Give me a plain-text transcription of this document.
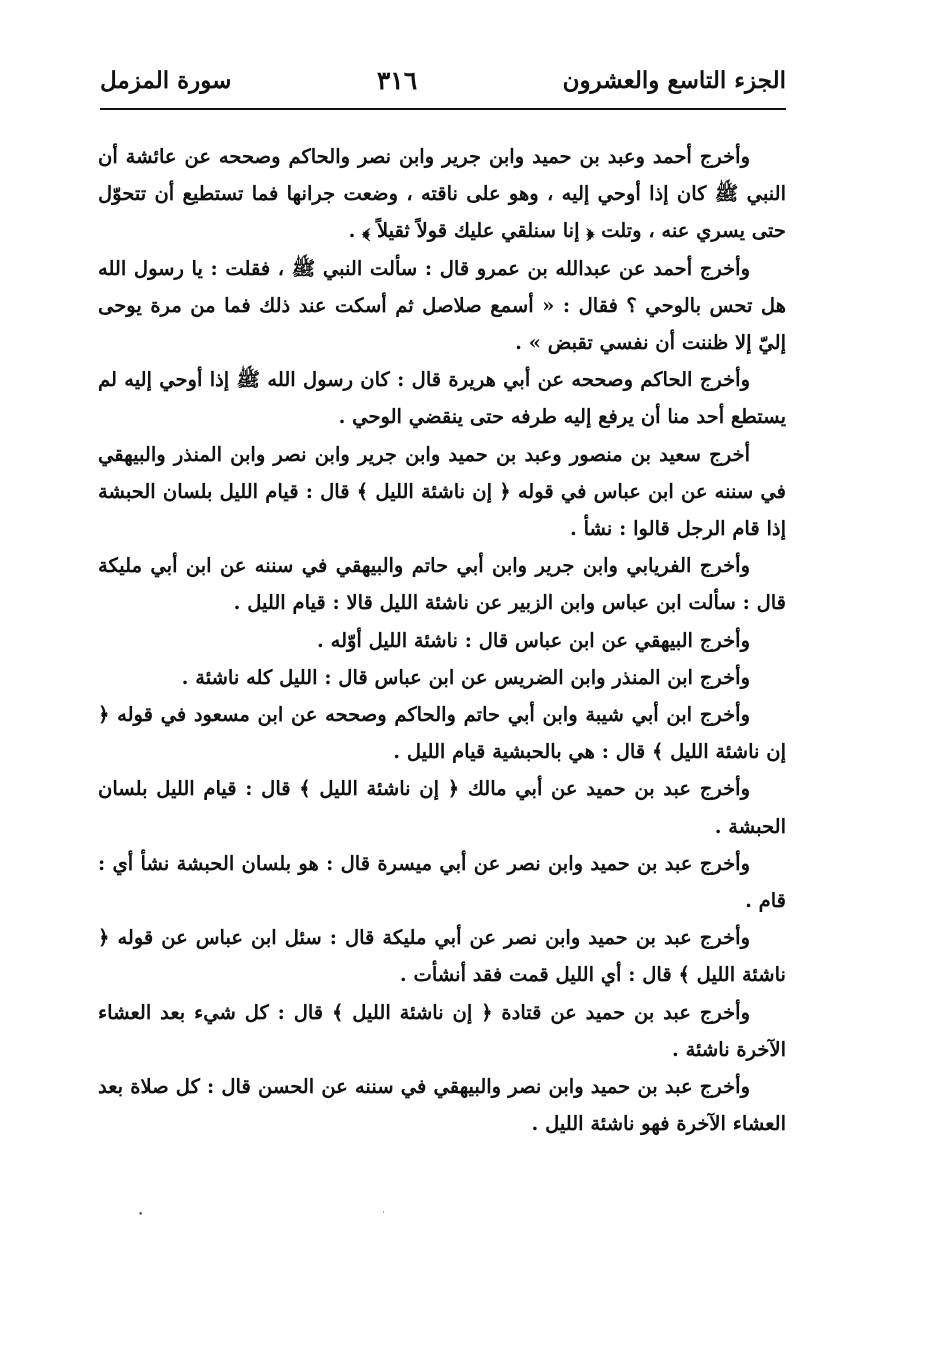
الجزء التاسع والعشرون
٣١٦
سورة المزمل

وأخرج أحمد وعبد بن حميد وابن جرير وابن نصر والحاكم وصححه عن عائشة أن النبي ﷺ كان إذا أوحي إليه ، وهو على ناقته ، وضعت جرانها فما تستطيع أن تتحوّل حتى يسري عنه ، وتلت ﴿ إنا سنلقي عليك قولاً ثقيلاً ﴾ .

وأخرج أحمد عن عبدالله بن عمرو قال : سألت النبي ﷺ ، فقلت : يا رسول الله هل تحس بالوحي ؟ فقال : « أسمع صلاصل ثم أسكت عند ذلك فما من مرة يوحى إليّ إلا ظننت أن نفسي تقبض » .

وأخرج الحاكم وصححه عن أبي هريرة قال : كان رسول الله ﷺ إذا أوحي إليه لم يستطع أحد منا أن يرفع إليه طرفه حتى ينقضي الوحي .

أخرج سعيد بن منصور وعبد بن حميد وابن جرير وابن نصر وابن المنذر والبيهقي في سننه عن ابن عباس في قوله ﴿ إن ناشئة الليل ﴾ قال : قيام الليل بلسان الحبشة إذا قام الرجل قالوا : نشأ .

وأخرج الفريابي وابن جرير وابن أبي حاتم والبيهقي في سننه عن ابن أبي مليكة قال : سألت ابن عباس وابن الزبير عن ناشئة الليل قالا : قيام الليل .

وأخرج البيهقي عن ابن عباس قال : ناشئة الليل أوّله .

وأخرج ابن المنذر وابن الضريس عن ابن عباس قال : الليل كله ناشئة .

وأخرج ابن أبي شيبة وابن أبي حاتم والحاكم وصححه عن ابن مسعود في قوله ﴿ إن ناشئة الليل ﴾ قال : هي بالحبشية قيام الليل .

وأخرج عبد بن حميد عن أبي مالك ﴿ إن ناشئة الليل ﴾ قال : قيام الليل بلسان الحبشة .

وأخرج عبد بن حميد وابن نصر عن أبي ميسرة قال : هو بلسان الحبشة نشأ أي : قام .

وأخرج عبد بن حميد وابن نصر عن أبي مليكة قال : سئل ابن عباس عن قوله ﴿ ناشئة الليل ﴾ قال : أي الليل قمت فقد أنشأت .

وأخرج عبد بن حميد عن قتادة ﴿ إن ناشئة الليل ﴾ قال : كل شيء بعد العشاء الآخرة ناشئة .

وأخرج عبد بن حميد وابن نصر والبيهقي في سننه عن الحسن قال : كل صلاة بعد العشاء الآخرة فهو ناشئة الليل .

•	·
